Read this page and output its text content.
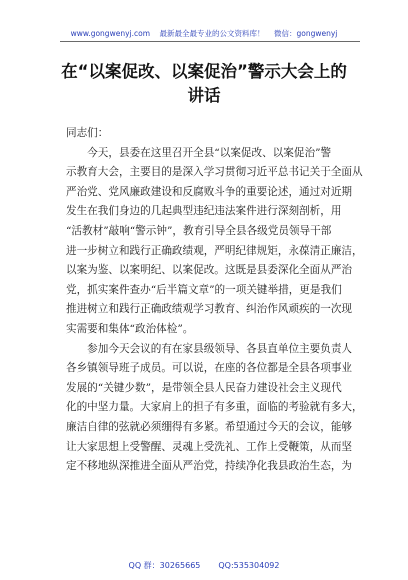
www.gongwenyj.com　 最新最全最专业的公文资料库！　 微信：gongwenyj
在“以案促改、以案促治”警示大会上的
讲话
同志们：
　　今天，县委在这里召开全县“以案促改、以案促治”警
示教育大会，主要目的是深入学习贯彻习近平总书记关于全面从
严治党、党风廉政建设和反腐败斗争的重要论述，通过对近期
发生在我们身边的几起典型违纪违法案件进行深刻剖析，用
“活教材”敲响“警示钟”，教育引导全县各级党员领导干部
进一步树立和践行正确政绩观，严明纪律规矩，永葆清正廉洁，
以案为鉴、以案明纪、以案促改。这既是县委深化全面从严治
党，抓实案件查办“后半篇文章”的一项关键举措，更是我们
推进树立和践行正确政绩观学习教育、纠治作风顽疾的一次现
实需要和集体“政治体检”。
　　参加今天会议的有在家县级领导、各县直单位主要负责人
各乡镇领导班子成员。可以说，在座的各位都是全县各项事业
发展的“关键少数”，是带领全县人民奋力建设社会主义现代
化的中坚力量。大家肩上的担子有多重，面临的考验就有多大，
廉洁自律的弦就必须绷得有多紧。希望通过今天的会议，能够
让大家思想上受警醒、灵魂上受洗礼、工作上受鞭策，从而坚
定不移地纵深推进全面从严治党，持续净化我县政治生态，为
QQ 群：30265665 QQ:535304092
